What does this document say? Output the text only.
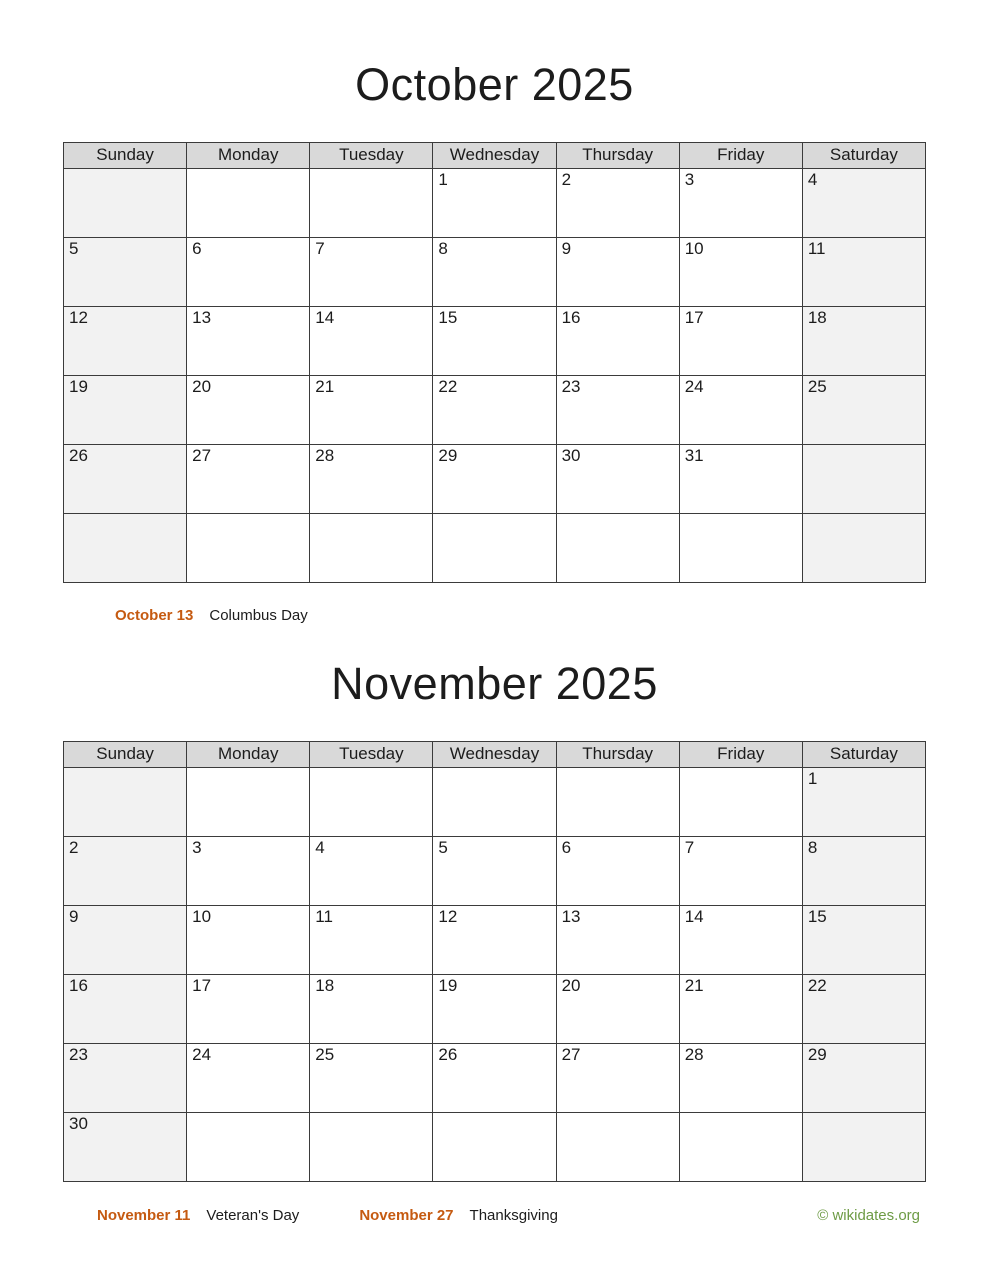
October 2025
Sunday	Monday	Tuesday	Wednesday	Thursday	Friday	Saturday
			1	2	3	4
5	6	7	8	9	10	11
12	13	14	15	16	17	18
19	20	21	22	23	24	25
26	27	28	29	30	31	

October 13 Columbus Day
November 2025
Sunday	Monday	Tuesday	Wednesday	Thursday	Friday	Saturday
						1
2	3	4	5	6	7	8
9	10	11	12	13	14	15
16	17	18	19	20	21	22
23	24	25	26	27	28	29
30						
November 11 Veteran's Day	November 27 Thanksgiving	© wikidates.org
